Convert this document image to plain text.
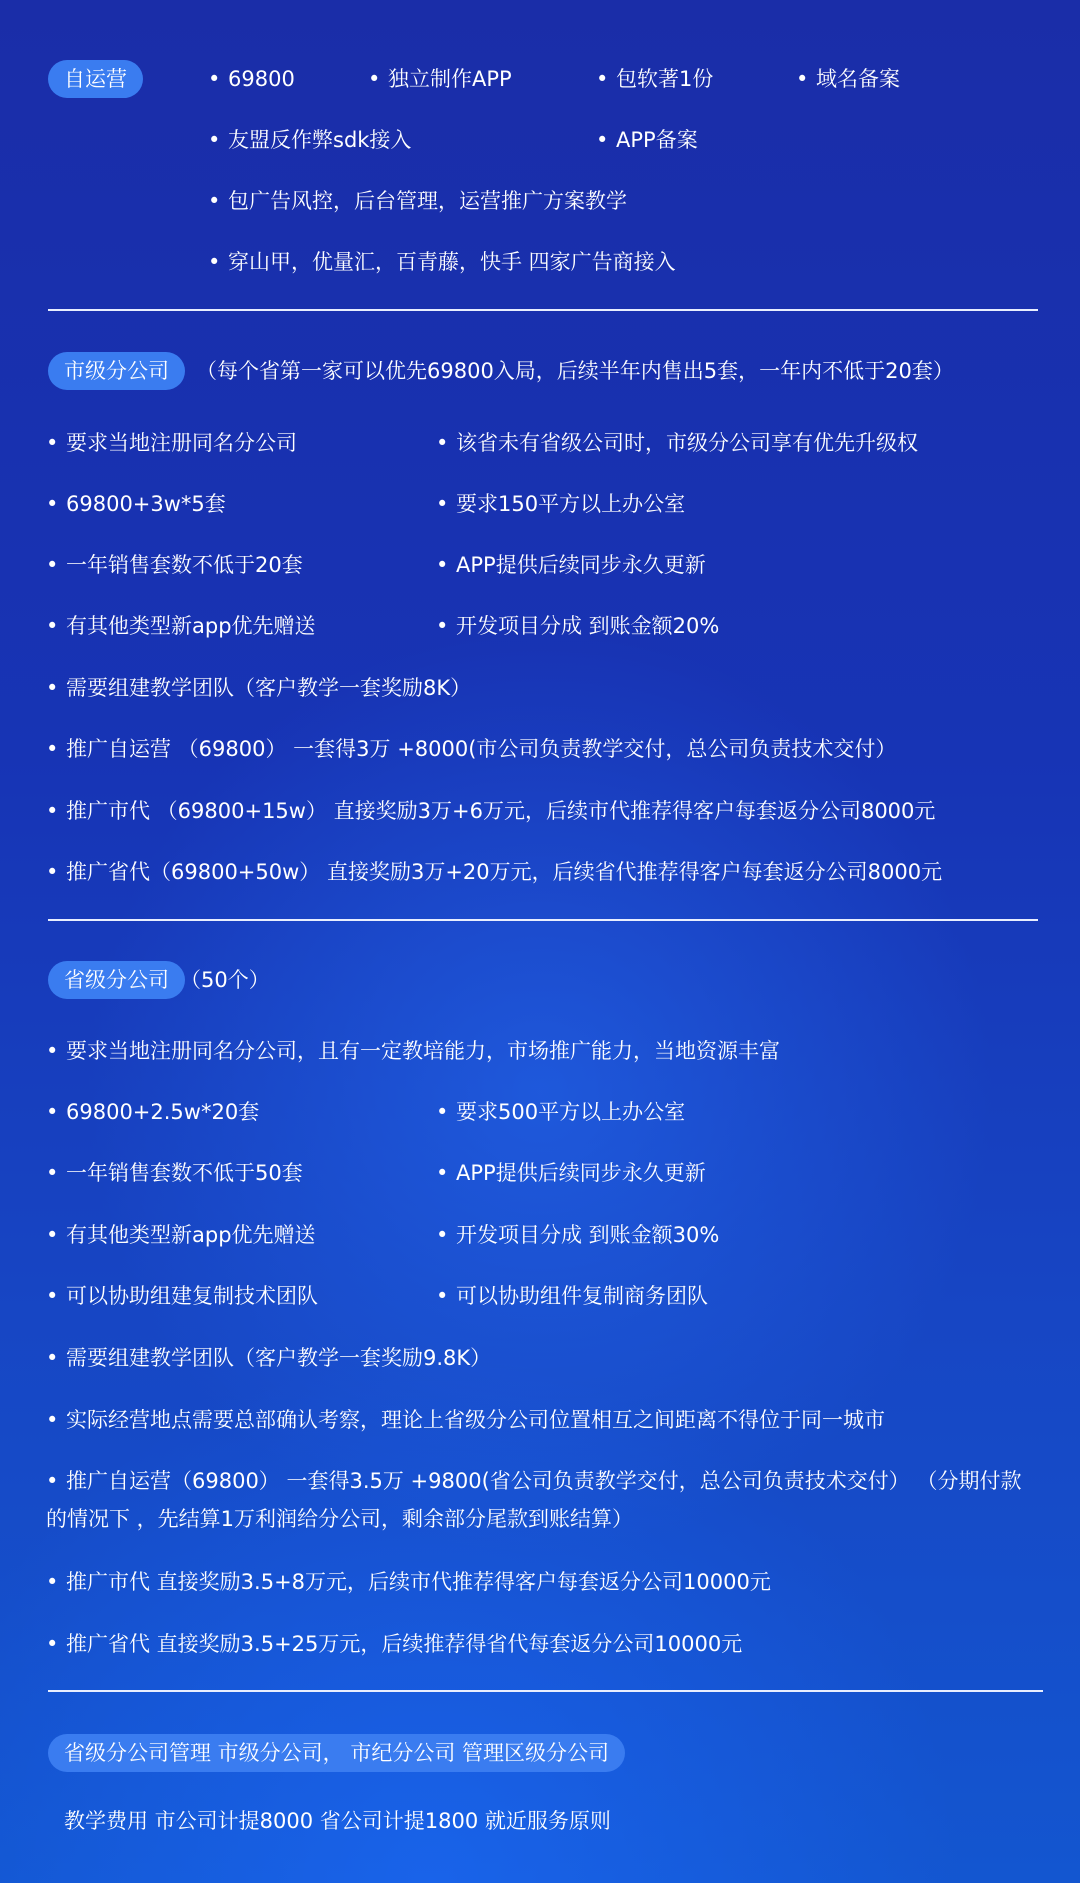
自运营	• 69800	• 独立制作APP	• 包软著1份	• 域名备案
• 友盟反作弊sdk接入	• APP备案
• 包广告风控，后台管理，运营推广方案教学
• 穿山甲，优量汇，百青藤，快手 四家广告商接入
市级分公司	（每个省第一家可以优先69800入局，后续半年内售出5套，一年内不低于20套）
• 要求当地注册同名分公司	• 该省未有省级公司时，市级分公司享有优先升级权
• 69800+3w*5套	• 要求150平方以上办公室
• 一年销售套数不低于20套	• APP提供后续同步永久更新
• 有其他类型新app优先赠送	• 开发项目分成 到账金额20%
• 需要组建教学团队（客户教学一套奖励8K）
• 推广自运营 （69800） 一套得3万 +8000(市公司负责教学交付，总公司负责技术交付）
• 推广市代 （69800+15w） 直接奖励3万+6万元，后续市代推荐得客户每套返分公司8000元
• 推广省代（69800+50w） 直接奖励3万+20万元，后续省代推荐得客户每套返分公司8000元
省级分公司 （50个）
• 要求当地注册同名分公司，且有一定教培能力，市场推广能力，当地资源丰富
• 69800+2.5w*20套	• 要求500平方以上办公室
• 一年销售套数不低于50套	• APP提供后续同步永久更新
• 有其他类型新app优先赠送	• 开发项目分成 到账金额30%
• 可以协助组建复制技术团队	• 可以协助组件复制商务团队
• 需要组建教学团队（客户教学一套奖励9.8K）
• 实际经营地点需要总部确认考察，理论上省级分公司位置相互之间距离不得位于同一城市
• 推广自运营（69800） 一套得3.5万 +9800(省公司负责教学交付，总公司负责技术交付） （分期付款的情况下 ，先结算1万利润给分公司，剩余部分尾款到账结算）
• 推广市代 直接奖励3.5+8万元，后续市代推荐得客户每套返分公司10000元
• 推广省代 直接奖励3.5+25万元，后续推荐得省代每套返分公司10000元
省级分公司管理 市级分公司， 市纪分公司 管理区级分公司
教学费用 市公司计提8000 省公司计提1800 就近服务原则
